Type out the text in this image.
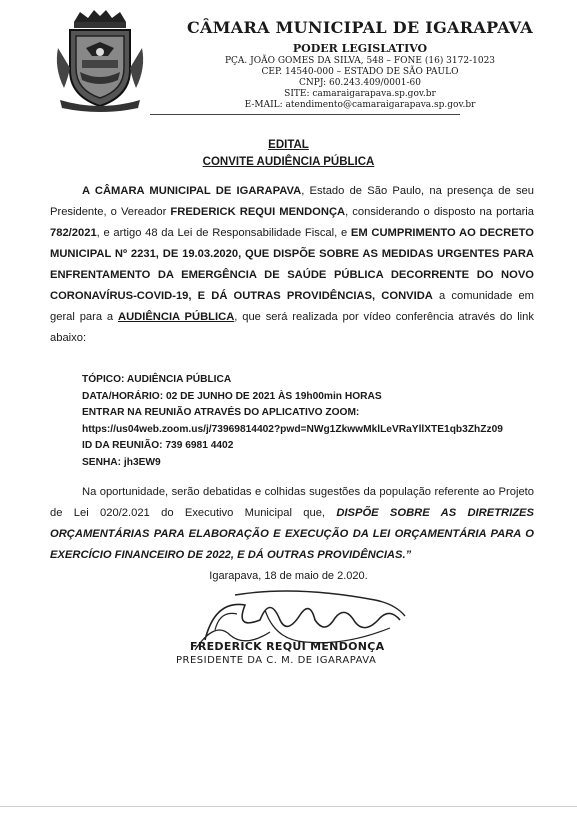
CÂMARA MUNICIPAL DE IGARAPAVA
PODER LEGISLATIVO
PÇA. JOÃO GOMES DA SILVA, 548 – FONE (16) 3172-1023
CEP. 14540-000 – ESTADO DE SÃO PAULO
CNPJ: 60.243.409/0001-60
SITE: camaraigarapava.sp.gov.br
E-MAIL: atendimento@camaraigarapava.sp.gov.br
EDITAL
CONVITE AUDIÊNCIA PÚBLICA

A CÂMARA MUNICIPAL DE IGARAPAVA, Estado de São Paulo, na presença de seu Presidente, o Vereador FREDERICK REQUI MENDONÇA, considerando o disposto na portaria 782/2021, e artigo 48 da Lei de Responsabilidade Fiscal, e EM CUMPRIMENTO AO DECRETO MUNICIPAL Nº 2231, DE 19.03.2020, QUE DISPÕE SOBRE AS MEDIDAS URGENTES PARA ENFRENTAMENTO DA EMERGÊNCIA DE SAÚDE PÚBLICA DECORRENTE DO NOVO CORONAVÍRUS-COVID-19, E DÁ OUTRAS PROVIDÊNCIAS, CONVIDA a comunidade em geral para a AUDIÊNCIA PÚBLICA, que será realizada por vídeo conferência através do link abaixo:

TÓPICO: AUDIÊNCIA PÚBLICA
DATA/HORÁRIO: 02 DE JUNHO DE 2021 ÀS 19h00min HORAS
ENTRAR NA REUNIÃO ATRAVÉS DO APLICATIVO ZOOM:
https://us04web.zoom.us/j/73969814402?pwd=NWg1ZkwwMklLeVRaYllXTE1qb3ZhZz09
ID DA REUNIÃO: 739 6981 4402
SENHA: jh3EW9

Na oportunidade, serão debatidas e colhidas sugestões da população referente ao Projeto de Lei 020/2.021 do Executivo Municipal que, DISPÕE SOBRE AS DIRETRIZES ORÇAMENTÁRIAS PARA ELABORAÇÃO E EXECUÇÃO DA LEI ORÇAMENTÁRIA PARA O EXERCÍCIO FINANCEIRO DE 2022, E DÁ OUTRAS PROVIDÊNCIAS.”

Igarapava, 18 de maio de 2.020.
FREDERICK REQUI MENDONÇA
PRESIDENTE DA C. M. DE IGARAPAVA
